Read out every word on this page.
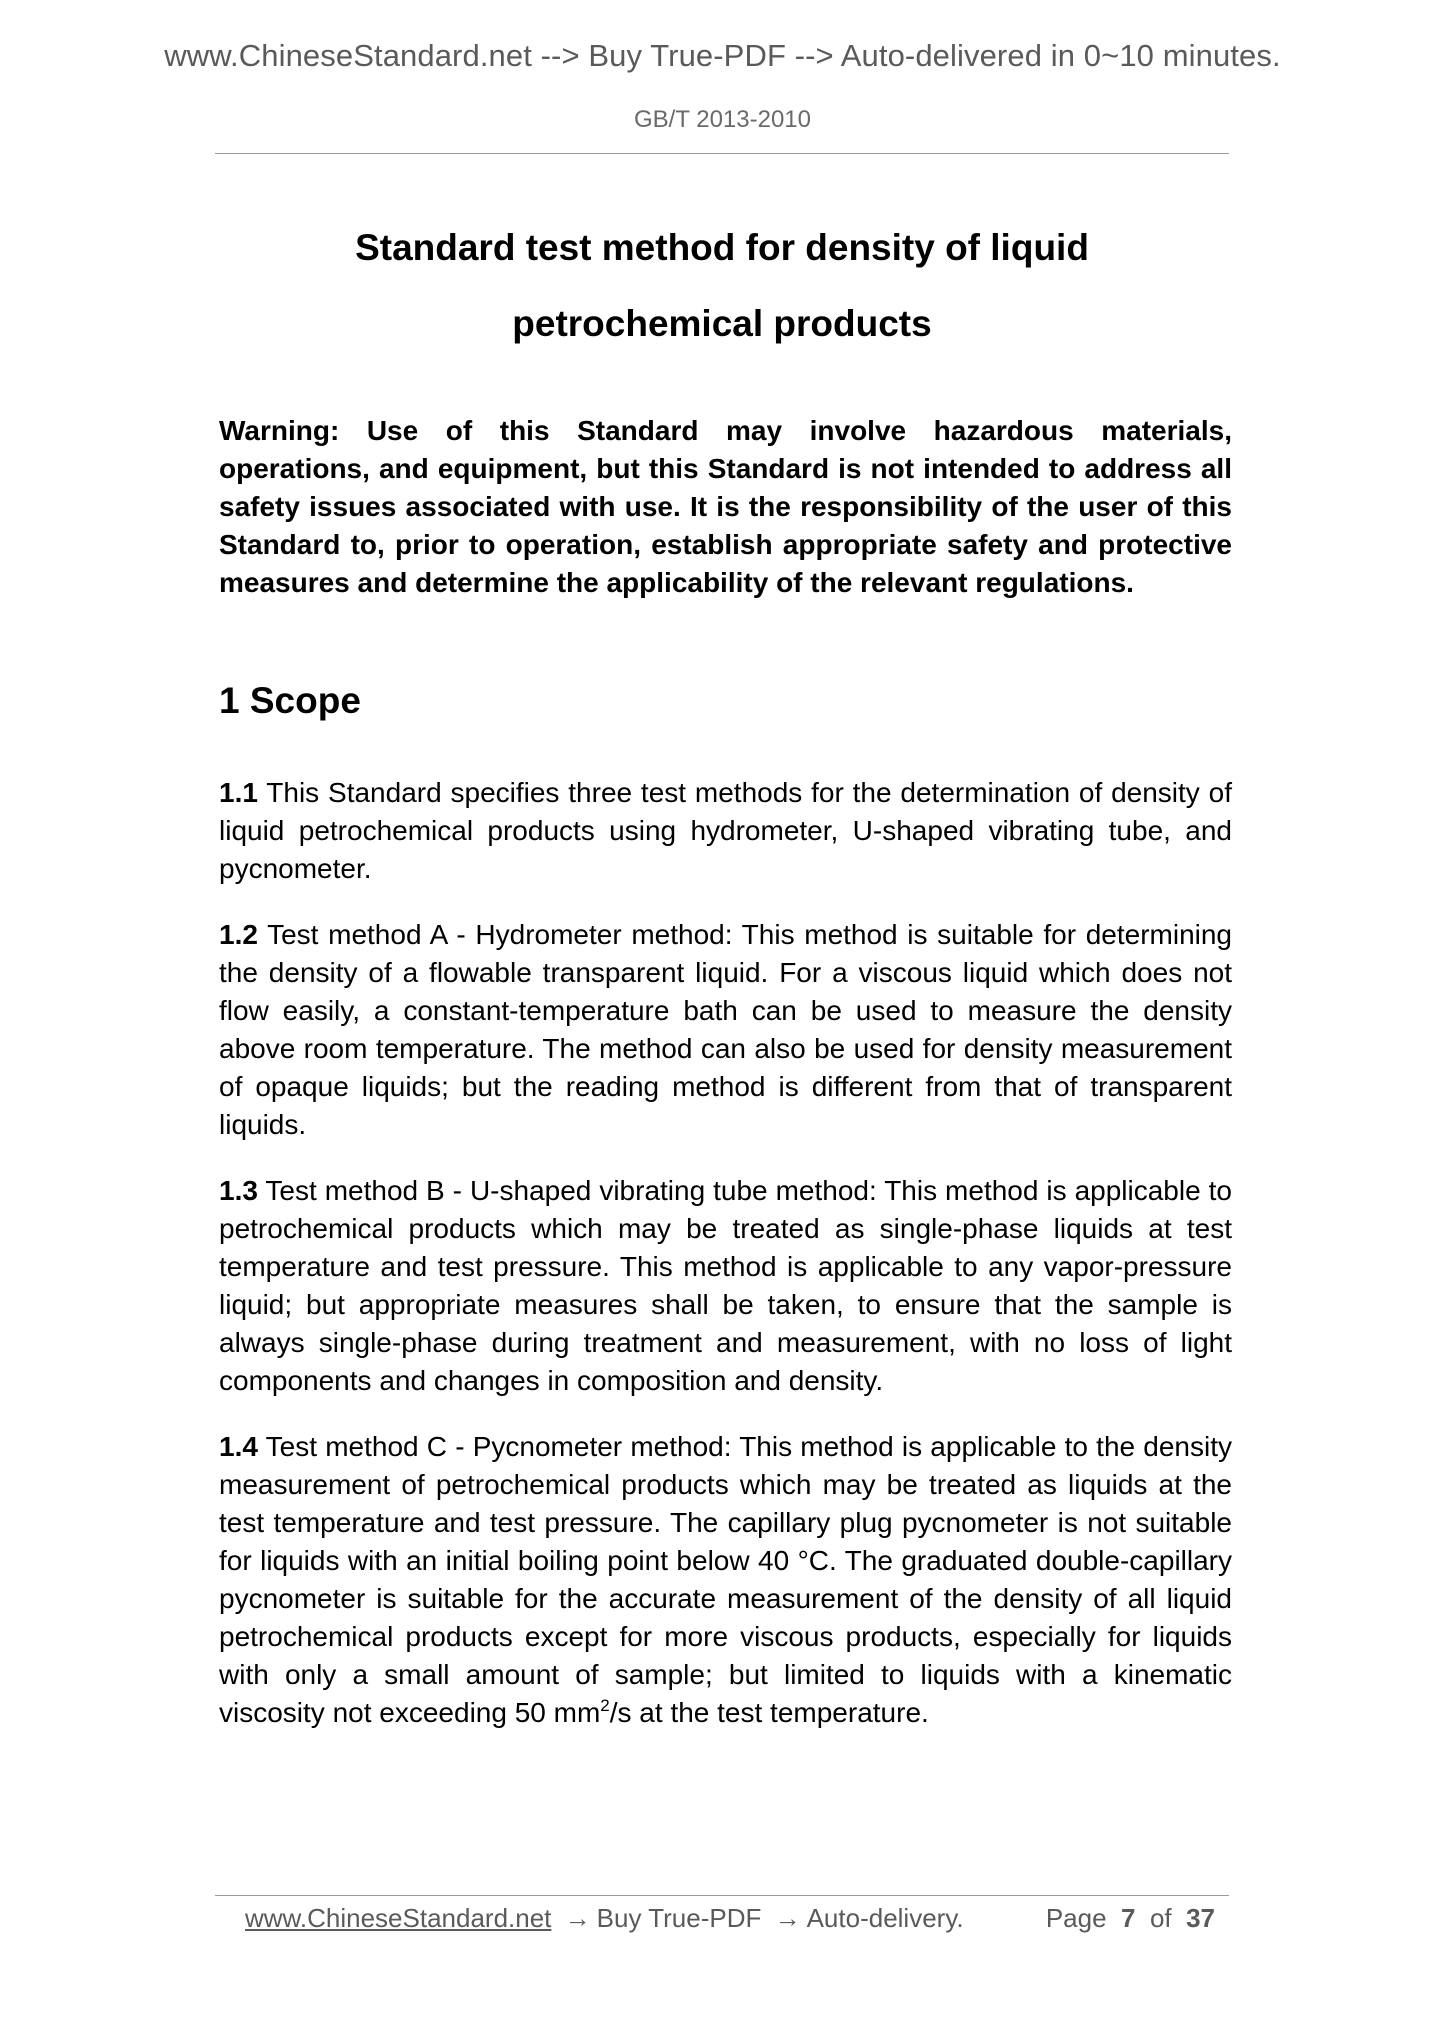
www.ChineseStandard.net --> Buy True-PDF --> Auto-delivered in 0~10 minutes.
GB/T 2013-2010
Standard test method for density of liquid
petrochemical products

Warning: Use of this Standard may involve hazardous materials, operations, and equipment, but this Standard is not intended to address all safety issues associated with use. It is the responsibility of the user of this Standard to, prior to operation, establish appropriate safety and protective measures and determine the applicability of the relevant regulations.

1 Scope

1.1 This Standard specifies three test methods for the determination of density of liquid petrochemical products using hydrometer, U-shaped vibrating tube, and pycnometer.

1.2 Test method A - Hydrometer method: This method is suitable for determining the density of a flowable transparent liquid. For a viscous liquid which does not flow easily, a constant-temperature bath can be used to measure the density above room temperature. The method can also be used for density measurement of opaque liquids; but the reading method is different from that of transparent liquids.

1.3 Test method B - U-shaped vibrating tube method: This method is applicable to petrochemical products which may be treated as single-phase liquids at test temperature and test pressure. This method is applicable to any vapor-pressure liquid; but appropriate measures shall be taken, to ensure that the sample is always single-phase during treatment and measurement, with no loss of light components and changes in composition and density.

1.4 Test method C - Pycnometer method: This method is applicable to the density measurement of petrochemical products which may be treated as liquids at the test temperature and test pressure. The capillary plug pycnometer is not suitable for liquids with an initial boiling point below 40 °C. The graduated double-capillary pycnometer is suitable for the accurate measurement of the density of all liquid petrochemical products except for more viscous products, especially for liquids with only a small amount of sample; but limited to liquids with a kinematic viscosity not exceeding 50 $mm^2/s$ at the test temperature.

www.ChineseStandard.net → Buy True-PDF → Auto-delivery.	Page 7 of 37
